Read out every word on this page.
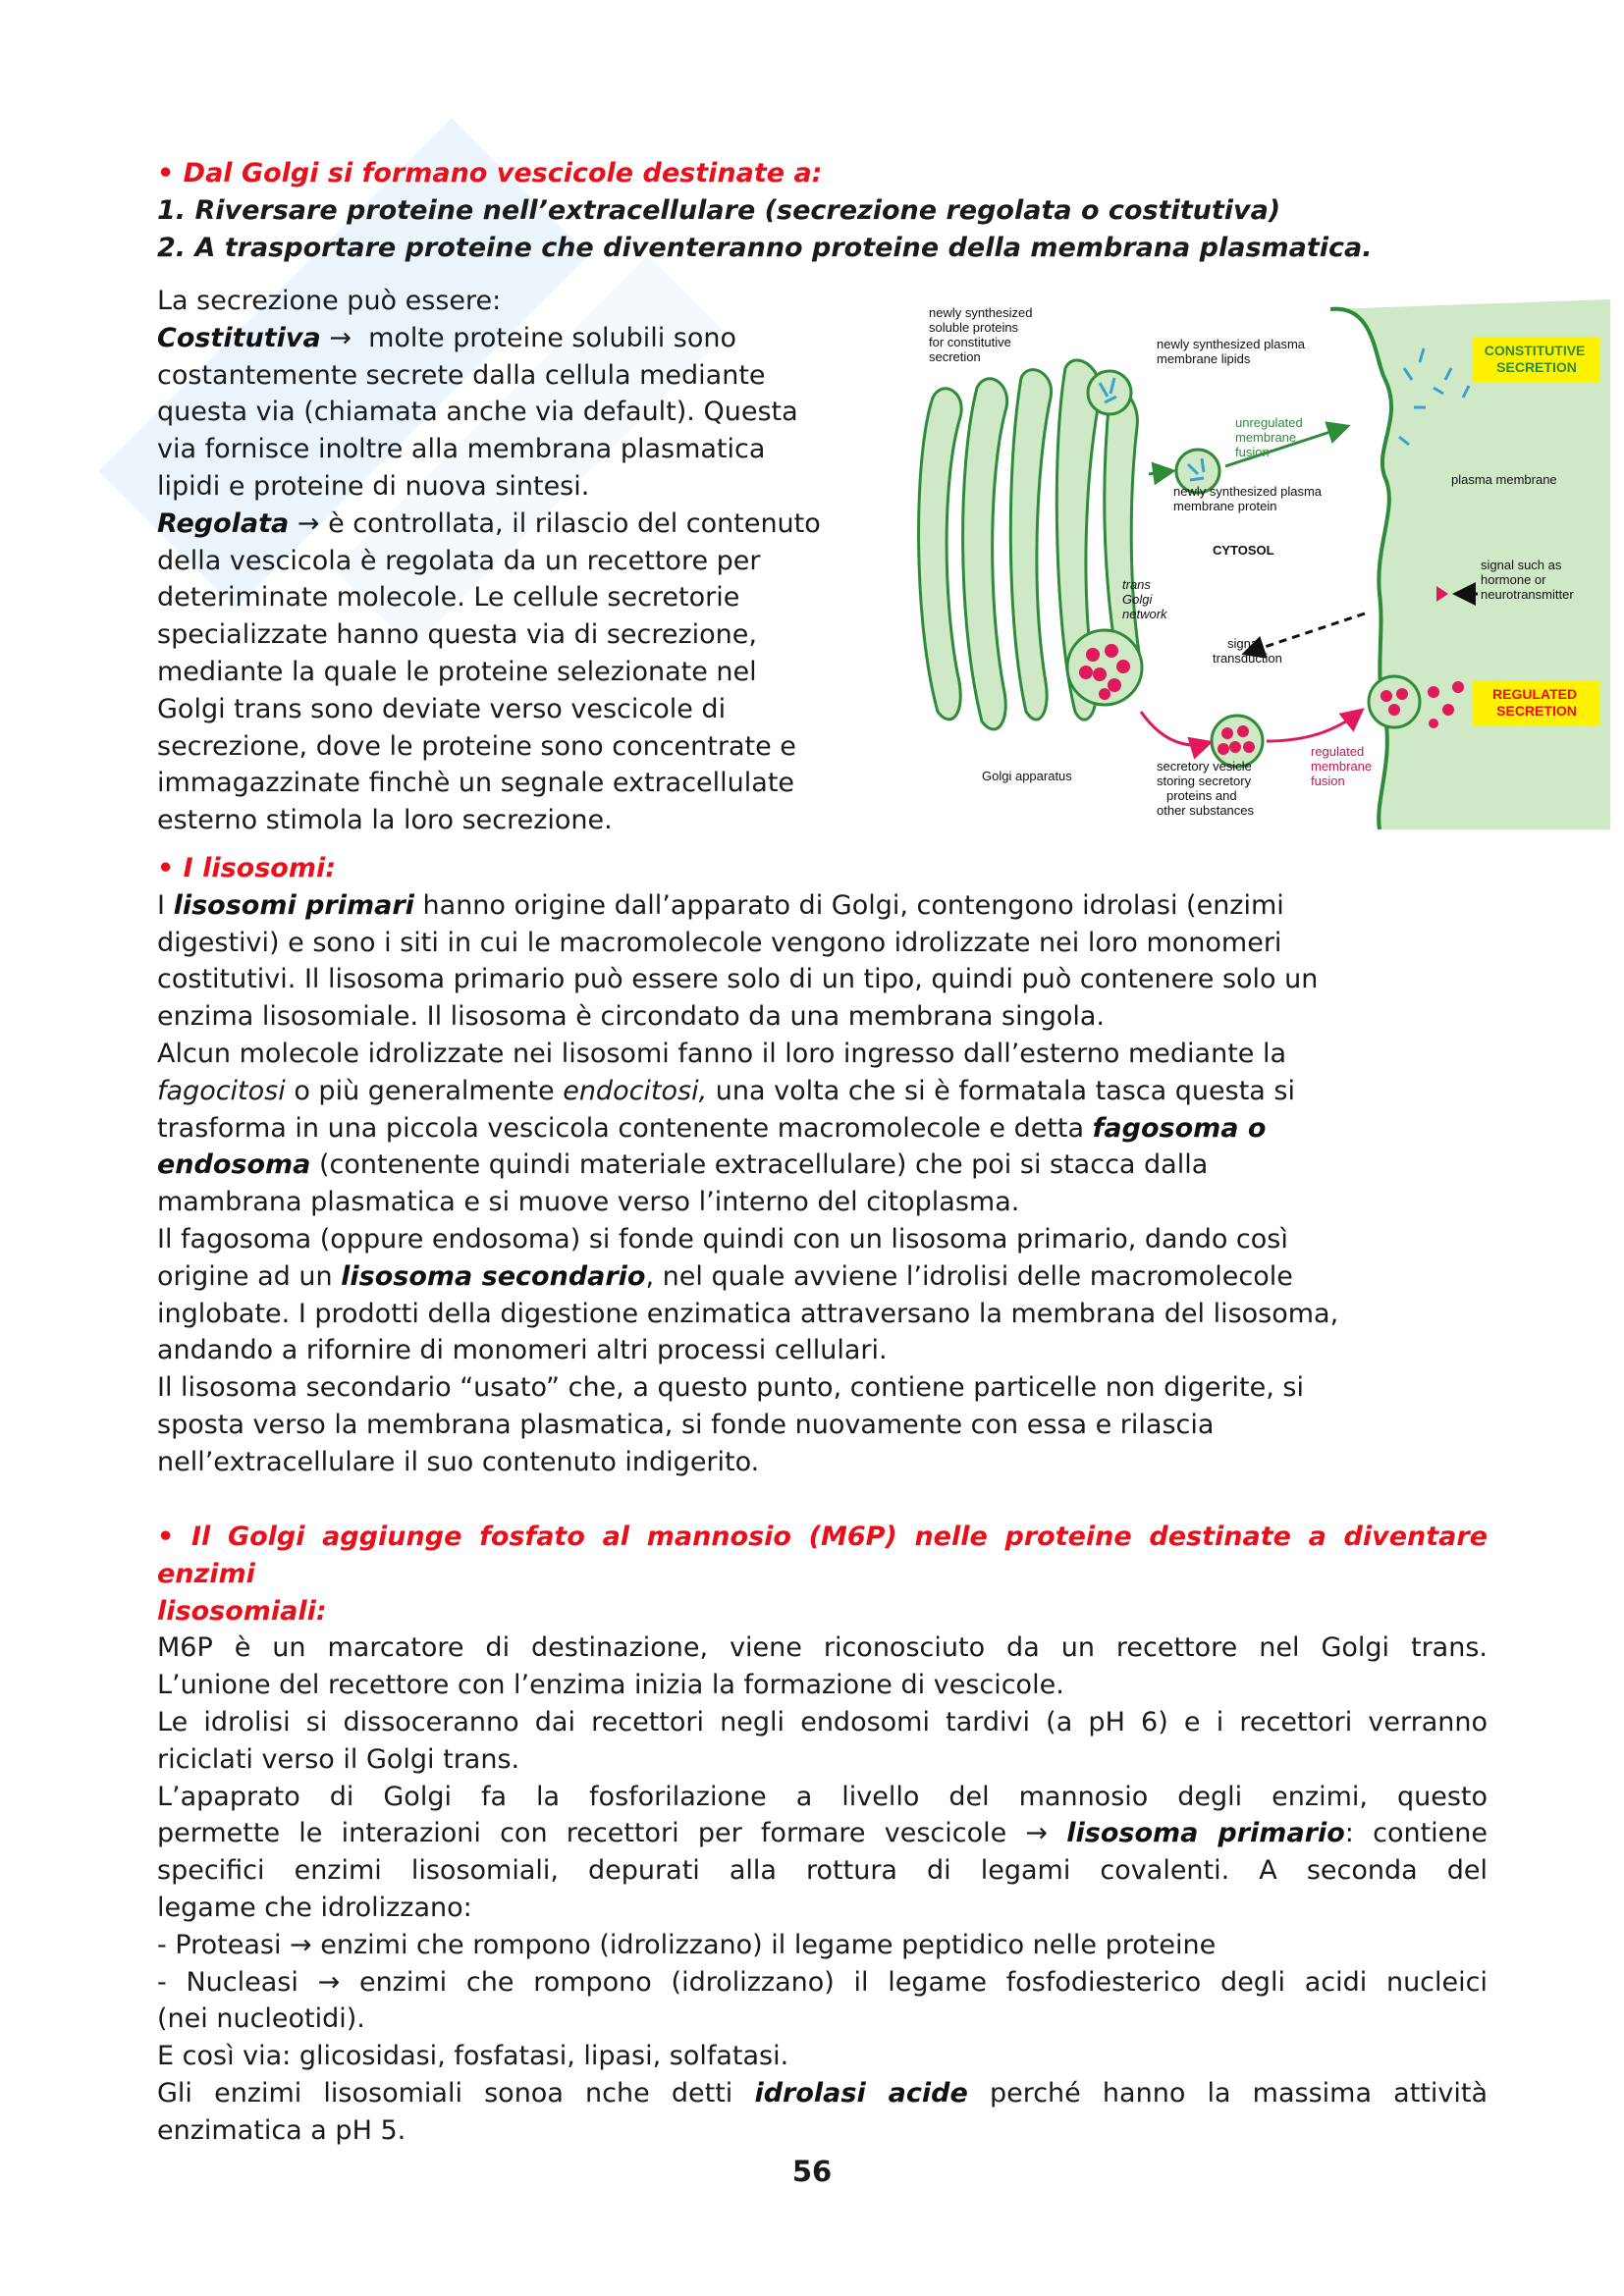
• Dal Golgi si formano vescicole destinate a:
1. Riversare proteine nell’extracellulare (secrezione regolata o costitutiva)
2. A trasportare proteine che diventeranno proteine della membrana plasmatica.
La secrezione può essere:
Costitutiva → molte proteine solubili sono
costantemente secrete dalla cellula mediante
questa via (chiamata anche via default). Questa
via fornisce inoltre alla membrana plasmatica
lipidi e proteine di nuova sintesi.
Regolata → è controllata, il rilascio del contenuto
della vescicola è regolata da un recettore per
deteriminate molecole. Le cellule secretorie
specializzate hanno questa via di secrezione,
mediante la quale le proteine selezionate nel
Golgi trans sono deviate verso vescicole di
secrezione, dove le proteine sono concentrate e
immagazzinate finchè un segnale extracellulate
esterno stimola la loro secrezione.
newly synthesized soluble proteins for constitutive secretion
newly synthesized plasma membrane lipids
unregulated membrane fusion
newly synthesized plasma membrane protein
CYTOSOL
trans Golgi network
signal transduction
Golgi apparatus
secretory vesicle storing secretory proteins and other substances
regulated membrane fusion
CONSTITUTIVE SECRETION
plasma membrane
signal such as hormone or neurotransmitter
REGULATED SECRETION
• I lisosomi:
I lisosomi primari hanno origine dall’apparato di Golgi, contengono idrolasi (enzimi
digestivi) e sono i siti in cui le macromolecole vengono idrolizzate nei loro monomeri
costitutivi. Il lisosoma primario può essere solo di un tipo, quindi può contenere solo un
enzima lisosomiale. Il lisosoma è circondato da una membrana singola.
Alcun molecole idrolizzate nei lisosomi fanno il loro ingresso dall’esterno mediante la
fagocitosi o più generalmente endocitosi, una volta che si è formatala tasca questa si
trasforma in una piccola vescicola contenente macromolecole e detta fagosoma o
endosoma (contenente quindi materiale extracellulare) che poi si stacca dalla
mambrana plasmatica e si muove verso l’interno del citoplasma.
Il fagosoma (oppure endosoma) si fonde quindi con un lisosoma primario, dando così
origine ad un lisosoma secondario, nel quale avviene l’idrolisi delle macromolecole
inglobate. I prodotti della digestione enzimatica attraversano la membrana del lisosoma,
andando a rifornire di monomeri altri processi cellulari.
Il lisosoma secondario “usato” che, a questo punto, contiene particelle non digerite, si
sposta verso la membrana plasmatica, si fonde nuovamente con essa e rilascia
nell’extracellulare il suo contenuto indigerito.
• Il Golgi aggiunge fosfato al mannosio (M6P) nelle proteine destinate a diventare enzimi
lisosomiali:
M6P è un marcatore di destinazione, viene riconosciuto da un recettore nel Golgi trans.
L’unione del recettore con l’enzima inizia la formazione di vescicole.
Le idrolisi si dissoceranno dai recettori negli endosomi tardivi (a pH 6) e i recettori verranno
riciclati verso il Golgi trans.
L’apaprato di Golgi fa la fosforilazione a livello del mannosio degli enzimi, questo
permette le interazioni con recettori per formare vescicole → lisosoma primario: contiene
specifici enzimi lisosomiali, depurati alla rottura di legami covalenti. A seconda del
legame che idrolizzano:
- Proteasi → enzimi che rompono (idrolizzano) il legame peptidico nelle proteine
- Nucleasi → enzimi che rompono (idrolizzano) il legame fosfodiesterico degli acidi nucleici
(nei nucleotidi).
E così via: glicosidasi, fosfatasi, lipasi, solfatasi.
Gli enzimi lisosomiali sonoa nche detti idrolasi acide perché hanno la massima attività
enzimatica a pH 5.
56
